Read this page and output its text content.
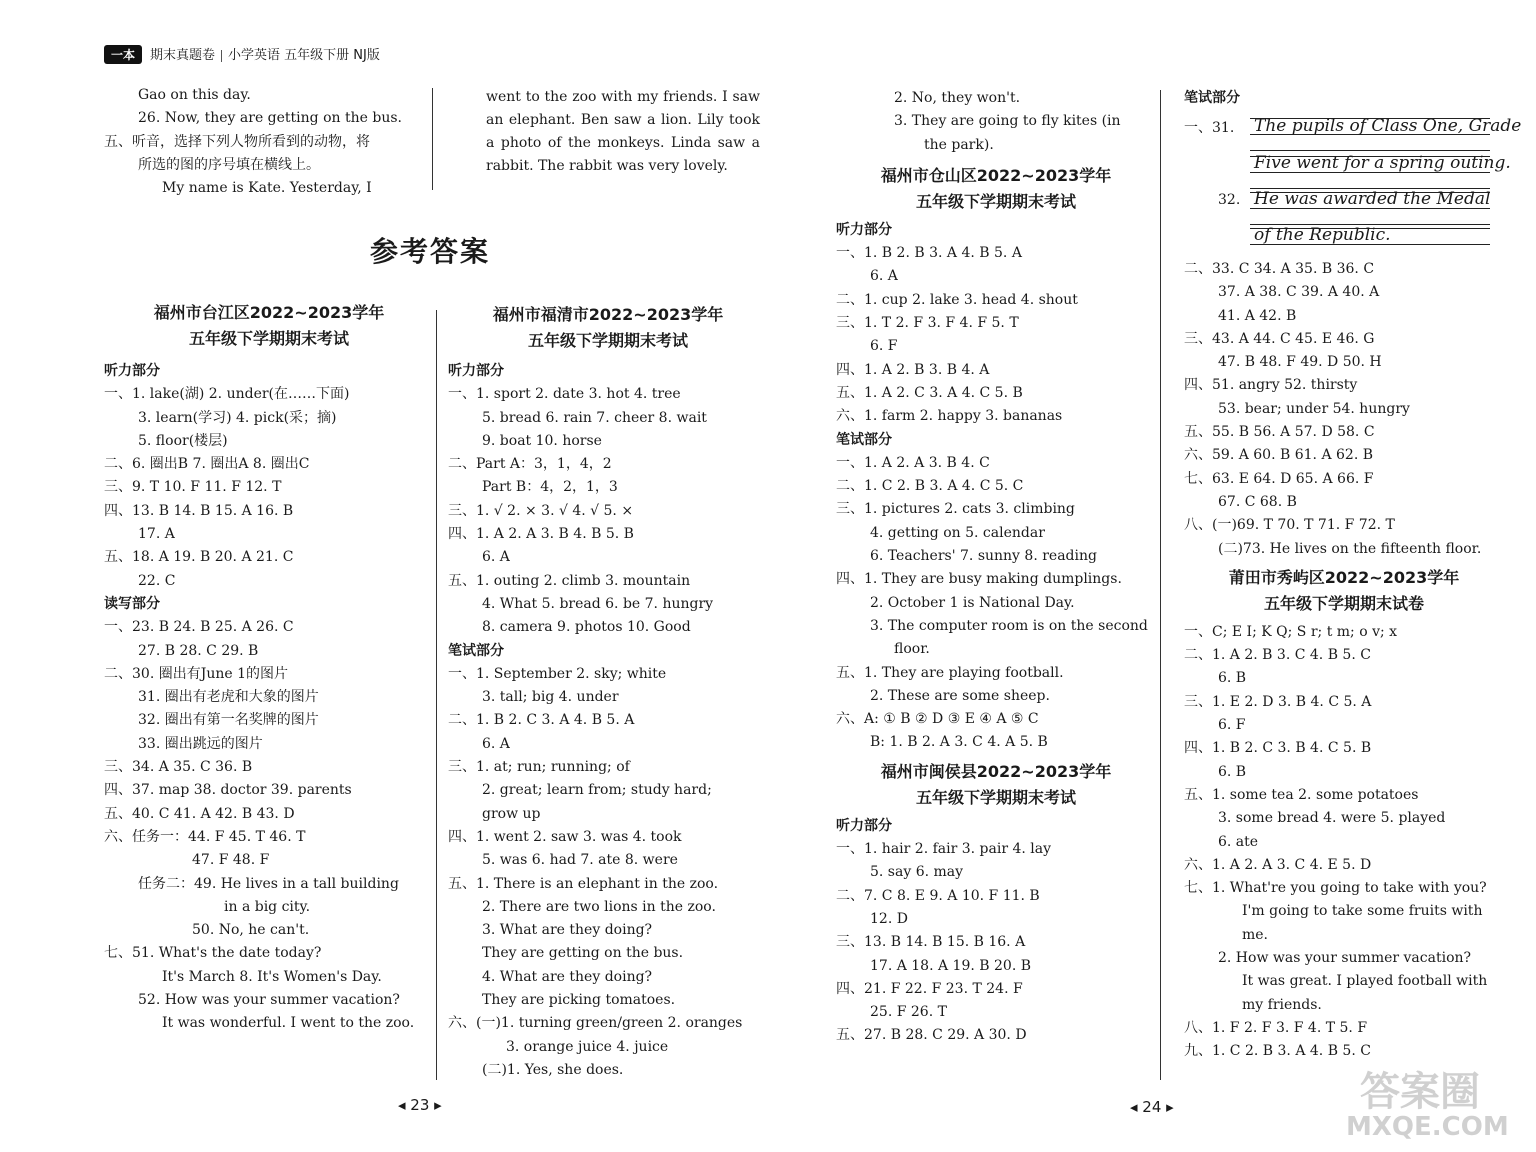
一本 期末真题卷 小学英语 五年级下册 NJ版
Gao on this day.
26. Now, they are getting on the bus.
五、听音，选择下列人物所看到的动物，将
所选的图的序号填在横线上。
My name is Kate. Yesterday, I
went to the zoo with my friends. I saw an elephant. Ben saw a lion. Lily took a photo of the monkeys. Linda saw a rabbit. The rabbit was very lovely.
参考答案
福州市台江区2022~2023学年
五年级下学期期末考试
听力部分
一、1. lake(湖) 2. under(在……下面)
3. learn(学习) 4. pick(采；摘)
5. floor(楼层)
二、6. 圈出B 7. 圈出A 8. 圈出C
三、9. T 10. F 11. F 12. T
四、13. B 14. B 15. A 16. B
17. A
五、18. A 19. B 20. A 21. C
22. C
读写部分
一、23. B 24. B 25. A 26. C
27. B 28. C 29. B
二、30. 圈出有June 1的图片
31. 圈出有老虎和大象的图片
32. 圈出有第一名奖牌的图片
33. 圈出跳远的图片
三、34. A 35. C 36. B
四、37. map 38. doctor 39. parents
五、40. C 41. A 42. B 43. D
六、任务一：44. F 45. T 46. T
47. F 48. F
任务二：49. He lives in a tall building
in a big city.
50. No, he can't.
七、51. What's the date today?
It's March 8. It's Women's Day.
52. How was your summer vacation?
It was wonderful. I went to the zoo.
福州市福清市2022~2023学年
五年级下学期期末考试
听力部分
一、1. sport 2. date 3. hot 4. tree
5. bread 6. rain 7. cheer 8. wait
9. boat 10. horse
二、Part A：3，1，4，2
Part B：4，2，1，3
三、1. √ 2. × 3. √ 4. √ 5. ×
四、1. A 2. A 3. B 4. B 5. B
6. A
五、1. outing 2. climb 3. mountain
4. What 5. bread 6. be 7. hungry
8. camera 9. photos 10. Good
笔试部分
一、1. September 2. sky; white
3. tall; big 4. under
二、1. B 2. C 3. A 4. B 5. A
6. A
三、1. at; run; running; of
2. great; learn from; study hard;
grow up
四、1. went 2. saw 3. was 4. took
5. was 6. had 7. ate 8. were
五、1. There is an elephant in the zoo.
2. There are two lions in the zoo.
3. What are they doing?
They are getting on the bus.
4. What are they doing?
They are picking tomatoes.
六、(一)1. turning green/green 2. oranges
3. orange juice 4. juice
(二)1. Yes, she does.
2. No, they won't.
3. They are going to fly kites (in
the park).
福州市仓山区2022~2023学年
五年级下学期期末考试
听力部分
一、1. B 2. B 3. A 4. B 5. A
6. A
二、1. cup 2. lake 3. head 4. shout
三、1. T 2. F 3. F 4. F 5. T
6. F
四、1. A 2. B 3. B 4. A
五、1. A 2. C 3. A 4. C 5. B
六、1. farm 2. happy 3. bananas
笔试部分
一、1. A 2. A 3. B 4. C
二、1. C 2. B 3. A 4. C 5. C
三、1. pictures 2. cats 3. climbing
4. getting on 5. calendar
6. Teachers' 7. sunny 8. reading
四、1. They are busy making dumplings.
2. October 1 is National Day.
3. The computer room is on the second
floor.
五、1. They are playing football.
2. These are some sheep.
六、A: ① B ② D ③ E ④ A ⑤ C
B: 1. B 2. A 3. C 4. A 5. B
福州市闽侯县2022~2023学年
五年级下学期期末考试
听力部分
一、1. hair 2. fair 3. pair 4. lay
5. say 6. may
二、7. C 8. E 9. A 10. F 11. B
12. D
三、13. B 14. B 15. B 16. A
17. A 18. A 19. B 20. B
四、21. F 22. F 23. T 24. F
25. F 26. T
五、27. B 28. C 29. A 30. D
笔试部分
一、31.
32.
The pupils of Class One, Grade
Five went for a spring outing.
He was awarded the Medal
of the Republic.
二、33. C 34. A 35. B 36. C
37. A 38. C 39. A 40. A
41. A 42. B
三、43. A 44. C 45. E 46. G
47. B 48. F 49. D 50. H
四、51. angry 52. thirsty
53. bear; under 54. hungry
五、55. B 56. A 57. D 58. C
六、59. A 60. B 61. A 62. B
七、63. E 64. D 65. A 66. F
67. C 68. B
八、(一)69. T 70. T 71. F 72. T
(二)73. He lives on the fifteenth floor.
莆田市秀屿区2022~2023学年
五年级下学期期末试卷
一、C; E I; K Q; S r; t m; o v; x
二、1. A 2. B 3. C 4. B 5. C
6. B
三、1. E 2. D 3. B 4. C 5. A
6. F
四、1. B 2. C 3. B 4. C 5. B
6. B
五、1. some tea 2. some potatoes
3. some bread 4. were 5. played
6. ate
六、1. A 2. A 3. C 4. E 5. D
七、1. What're you going to take with you?
I'm going to take some fruits with
me.
2. How was your summer vacation?
It was great. I played football with
my friends.
八、1. F 2. F 3. F 4. T 5. F
九、1. C 2. B 3. A 4. B 5. C
◂ 23 ▸	◂ 24 ▸	答案圈
MXQE.COM
